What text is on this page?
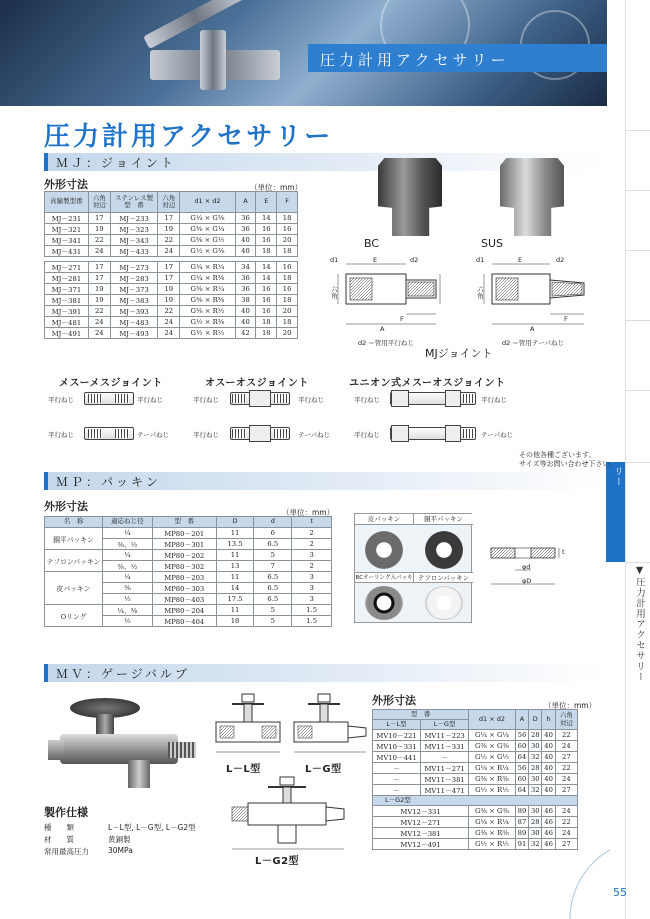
圧力計用アクセサリー
▼圧力計用アクセサリー
▼圧力計用アクセサリー
圧力計用アクセサリー
ＭＪ：ジョイント
外形寸法	（単位：mm）
真鍮製型番	六角
対辺	ステンレス製
型　番	六角
対辺	d1 × d2	A	E	F
MJ－231	17	MJ－233	17	G¼ × G⅜	36	14	18
MJ－321	19	MJ－323	19	G⅜ × G¼	36	16	16
MJ－341	22	MJ－343	22	G⅜ × G½	40	16	20
MJ－431	24	MJ－433	24	G½ × G⅜	40	18	18

MJ－271	17	MJ－273	17	G¼ × R¼	34	14	16
MJ－281	17	MJ－283	17	G¼ × R⅜	36	14	18
MJ－371	19	MJ－373	19	G⅜ × R¼	36	16	16
MJ－381	19	MJ－383	19	G⅜ × R⅜	38	16	18
MJ－391	22	MJ－393	22	G⅜ × R½	40	16	20
MJ－481	24	MJ－483	24	G½ × R⅜	40	18	18
MJ－491	24	MJ－493	24	G½ × R½	42	18	20
BC	SUS
d1	E	d2
六角
F
A
d2 ＝管用平行ねじ
d1	E	d2
六角
F
A
d2 ＝管用テーパねじ
MJジョイント
メスーメスジョイント	オスーオスジョイント	ユニオン式メスーオスジョイント
平行ねじ	平行ねじ
平行ねじ	テーパねじ
平行ねじ	平行ねじ
平行ねじ	テーパねじ
平行ねじ	平行ねじ
平行ねじ	テーパねじ
その他各種ございます。
サイズ等お問い合わせ下さい。
ＭＰ：パッキン
外形寸法	（単位：mm）
名　称	適応ねじ径	型　番	D	d	t
銅平パッキン	¼	MP80－201	11	6	2
	⅜、½	MP80－301	13.5	6.5	2
テフロンパッキン	¼	MP80－202	11	5	3
	⅜、½	MP80－302	13	7	2
皮パッキン	¼	MP80－203	11	6.5	3
	⅜	MP80－303	14	6.5	3
	½	MP80－403	17.5	6.5	3
Oリング	¼、⅜	MP80－204	11	5	1.5
	½	MP80－404	18	5	1.5
皮パッキン	銅平パッキン
BCオーリング入パッキ テフロンパッキン
φd
φD
t
ＭＶ：ゲージバルブ
L－L型	L－G型
L－G2型
製作仕様
種　　類	L－L型, L－G型, L－G2型
材　　質	黄銅製
常用最高圧力	30MPa
外形寸法	（単位：mm）
型　番		d1 × d2	A	D	h	六角
対辺
L－L型	L－G型					
MV10－221	MV11－223	G¼ × G¼	56	28	40	22
MV10－331	MV11－331	G⅜ × G⅜	60	30	40	24
MV10－441	－	G½ × G½	64	32	40	27
－	MV11－271	G¼ × R¼	56	28	40	22
－	MV11－381	G⅜ × R⅜	60	30	40	24
－	MV11－471	G½ × R½	64	32	40	27
L－G2型						
MV12－331		G⅜ × G⅜	89	30	46	24
MV12－271		G¼ × R¼	87	28	46	22
MV12－381		G⅜ × R⅜	89	30	46	24
MV12－491		G½ × R½	91	32	46	27
55
